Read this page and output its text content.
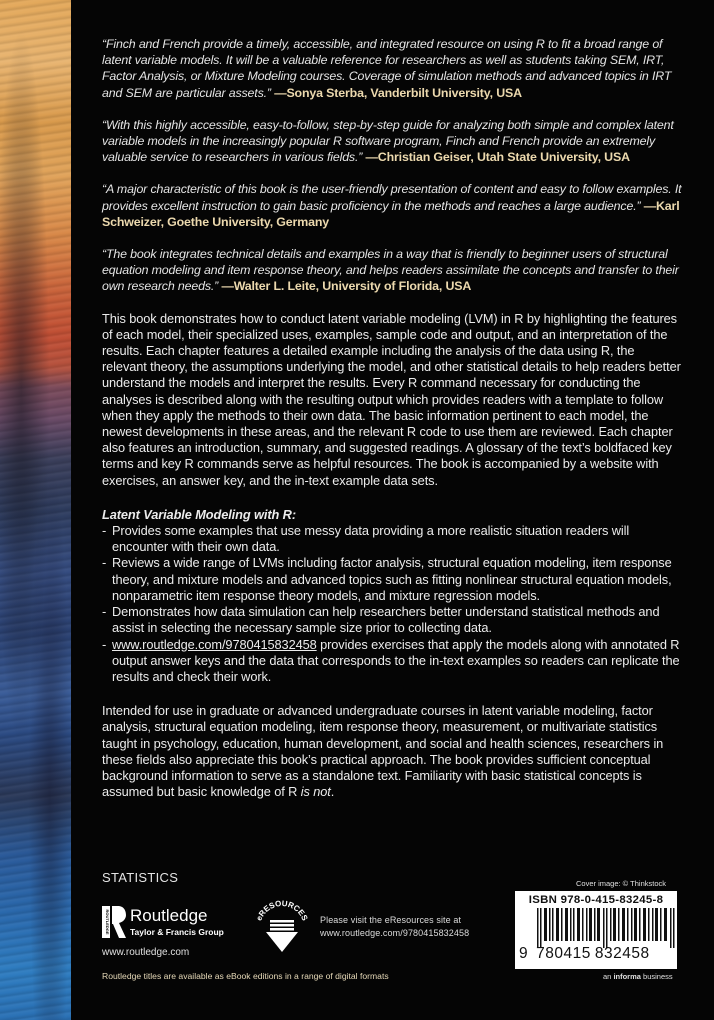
“Finch and French provide a timely, accessible, and integrated resource on using R to fit a broad range of latent variable models. It will be a valuable reference for researchers as well as students taking SEM, IRT, Factor Analysis, or Mixture Modeling courses. Coverage of simulation methods and advanced topics in IRT and SEM are particular assets.” —Sonya Sterba, Vanderbilt University, USA

“With this highly accessible, easy-to-follow, step-by-step guide for analyzing both simple and complex latent variable models in the increasingly popular R software program, Finch and French provide an extremely valuable service to researchers in various fields.” —Christian Geiser, Utah State University, USA

“A major characteristic of this book is the user-friendly presentation of content and easy to follow examples. It provides excellent instruction to gain basic proficiency in the methods and reaches a large audience.” —Karl Schweizer, Goethe University, Germany

“The book integrates technical details and examples in a way that is friendly to beginner users of structural equation modeling and item response theory, and helps readers assimilate the concepts and transfer to their own research needs.” —Walter L. Leite, University of Florida, USA

This book demonstrates how to conduct latent variable modeling (LVM) in R by highlighting the features of each model, their specialized uses, examples, sample code and output, and an interpretation of the results. Each chapter features a detailed example including the analysis of the data using R, the relevant theory, the assumptions underlying the model, and other statistical details to help readers better understand the models and interpret the results. Every R command necessary for conducting the analyses is described along with the resulting output which provides readers with a template to follow when they apply the methods to their own data. The basic information pertinent to each model, the newest developments in these areas, and the relevant R code to use them are reviewed. Each chapter also features an introduction, summary, and suggested readings. A glossary of the text’s boldfaced key terms and key R commands serve as helpful resources. The book is accompanied by a website with exercises, an answer key, and the in-text example data sets.

Latent Variable Modeling with R:
- Provides some examples that use messy data providing a more realistic situation readers will encounter with their own data.
- Reviews a wide range of LVMs including factor analysis, structural equation modeling, item response theory, and mixture models and advanced topics such as fitting nonlinear structural equation models, nonparametric item response theory models, and mixture regression models.
- Demonstrates how data simulation can help researchers better understand statistical methods and assist in selecting the necessary sample size prior to collecting data.
- www.routledge.com/9780415832458 provides exercises that apply the models along with annotated R output answer keys and the data that corresponds to the in-text examples so readers can replicate the results and check their work.

Intended for use in graduate or advanced undergraduate courses in latent variable modeling, factor analysis, structural equation modeling, item response theory, measurement, or multivariate statistics taught in psychology, education, human development, and social and health sciences, researchers in these fields also appreciate this book’s practical approach. The book provides sufficient conceptual background information to serve as a standalone text. Familiarity with basic statistical concepts is assumed but basic knowledge of R is not.

STATISTICS
ROUTLEDGE Routledge
Taylor & Francis Group
www.routledge.com
eRESOURCES Please visit the eResources site at
www.routledge.com/9780415832458
Routledge titles are available as eBook editions in a range of digital formats
Cover image: © Thinkstock
ISBN 978-0-415-83245-8
9 780415 832458
an informa business
